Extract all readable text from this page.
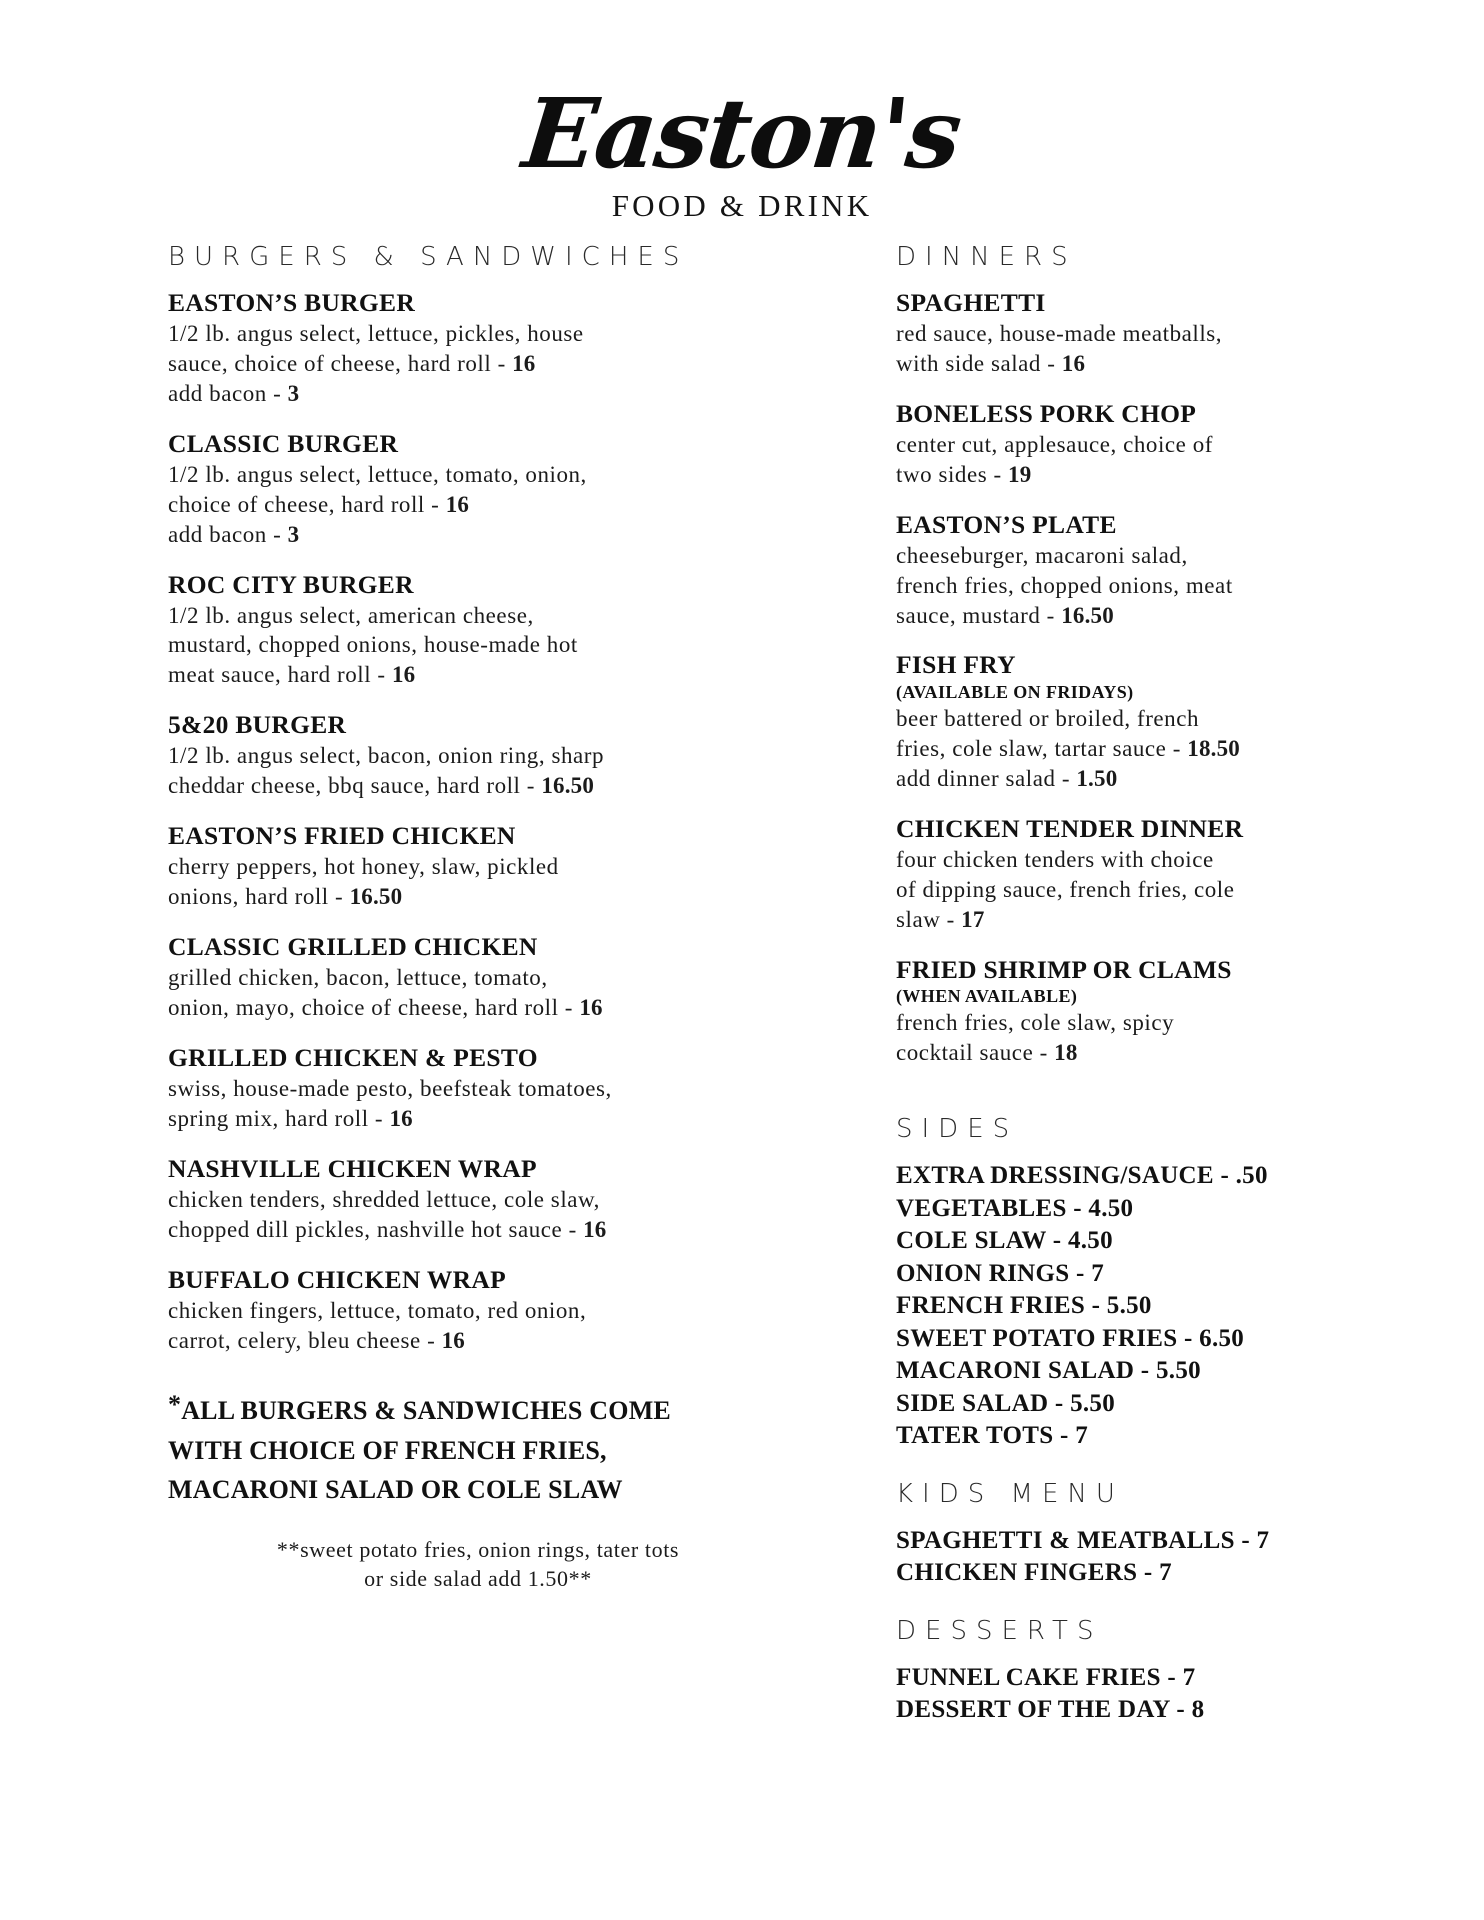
Easton's
FOOD & DRINK
BURGERS & SANDWICHES

EASTON’S BURGER

1/2 lb. angus select, lettuce, pickles, house
sauce, choice of cheese, hard roll - 16
add bacon - 3

CLASSIC BURGER

1/2 lb. angus select, lettuce, tomato, onion,
choice of cheese, hard roll - 16
add bacon - 3

ROC CITY BURGER

1/2 lb. angus select, american cheese,
mustard, chopped onions, house-made hot
meat sauce, hard roll - 16

5&20 BURGER

1/2 lb. angus select, bacon, onion ring, sharp
cheddar cheese, bbq sauce, hard roll - 16.50

EASTON’S FRIED CHICKEN

cherry peppers, hot honey, slaw, pickled
onions, hard roll - 16.50

CLASSIC GRILLED CHICKEN

grilled chicken, bacon, lettuce, tomato,
onion, mayo, choice of cheese, hard roll - 16

GRILLED CHICKEN & PESTO

swiss, house-made pesto, beefsteak tomatoes,
spring mix, hard roll - 16

NASHVILLE CHICKEN WRAP

chicken tenders, shredded lettuce, cole slaw,
chopped dill pickles, nashville hot sauce - 16

BUFFALO CHICKEN WRAP

chicken fingers, lettuce, tomato, red onion,
carrot, celery, bleu cheese - 16

*ALL BURGERS & SANDWICHES COME
WITH CHOICE OF FRENCH FRIES,
MACARONI SALAD OR COLE SLAW
**sweet potato fries, onion rings, tater tots
or side salad add 1.50**
DINNERS

SPAGHETTI

red sauce, house-made meatballs,
with side salad - 16

BONELESS PORK CHOP

center cut, applesauce, choice of
two sides - 19

EASTON’S PLATE

cheeseburger, macaroni salad,
french fries, chopped onions, meat
sauce, mustard - 16.50

FISH FRY

(AVAILABLE ON FRIDAYS)

beer battered or broiled, french
fries, cole slaw, tartar sauce - 18.50
add dinner salad - 1.50

CHICKEN TENDER DINNER

four chicken tenders with choice
of dipping sauce, french fries, cole
slaw - 17

FRIED SHRIMP OR CLAMS

(WHEN AVAILABLE)

french fries, cole slaw, spicy
cocktail sauce - 18

SIDES

EXTRA DRESSING/SAUCE - .50

VEGETABLES - 4.50

COLE SLAW - 4.50

ONION RINGS - 7

FRENCH FRIES - 5.50

SWEET POTATO FRIES - 6.50

MACARONI SALAD - 5.50

SIDE SALAD - 5.50

TATER TOTS - 7

KIDS MENU

SPAGHETTI & MEATBALLS - 7

CHICKEN FINGERS - 7

DESSERTS

FUNNEL CAKE FRIES - 7

DESSERT OF THE DAY - 8
